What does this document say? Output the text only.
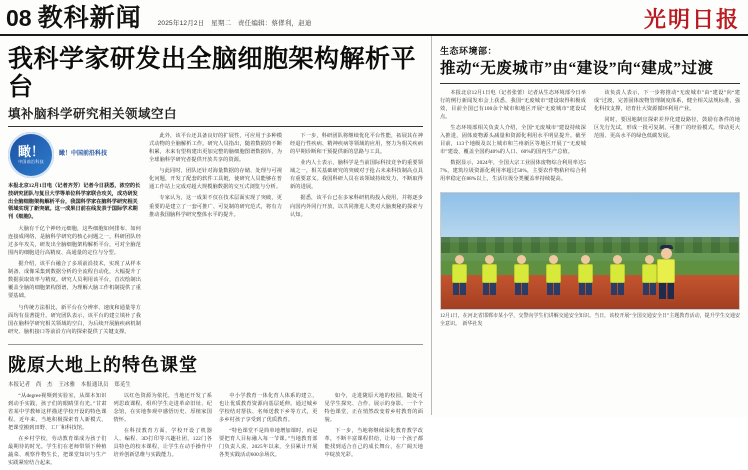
08 教科新闻 2025年12月2日　星期二　责任编辑：蔡侾利，赵迪	光明日报
我科学家研发出全脑细胞架构解析平台
填补脑科学研究相关领域空白
瞰！
中国前沿科技
瞰！中国前沿科技
本报北京12月1日电（记者齐芳）记者今日获悉，浓空的长技研究团队与复旦大学等单位科学家联合攻关，成功研发出全脑细胞架构解析平台，我国科学家在脑科学研究相关领域实现了新突破。这一成果日前在线发表于国际学术期刊《细胞》。

大脑有千亿个神经元细胞，这些细胞如何排布、如何连接成网络，是脑科学研究的核心问题之一。科研团队经过多年攻关，研发出全脑细胞架构解析平台，可对全脑范围内的细胞进行高精度、高通量的定位与分型。

据介绍，该平台融合了多项前沿技术，实现了从样本制备、成像采集到数据分析的全流程自动化，大幅提升了数据获取效率与精度。研究人员利用该平台，首次绘制出覆盖全脑的细胞架构图谱，为理解大脑工作机制提供了重要基础。

与传统方法相比，新平台在分辨率、速度和通量等方面均有显著提升。研究团队表示，该平台的建立填补了我国在脑科学研究相关领域的空白，为后续开展脑疾病机制研究、脑机接口等前沿方向的探索提供了关键支撑。

此外，该平台还具备良好的扩展性，可应用于多种模式动物的全脑解析工作。研究人员指出，随着数据的不断积累，未来有望构建出更加完整的脑细胞图谱数据库，为全球脑科学研究者提供开放共享的资源。

与此同时，团队还针对海量数据的存储、处理与可视化问题，开发了配套的软件工具链，使研究人员能够在普通工作站上完成对超大规模脑数据的交互式浏览与分析。

专家认为，这一成果不仅在技术层面实现了突破，更重要的是建立了一套可推广、可复制的研究范式，将有力推动我国脑科学研究整体水平的提升。

下一步，科研团队将继续优化平台性能，拓展其在神经退行性疾病、精神疾病等领域的应用，努力为相关疾病的早期诊断和干预提供新的思路与工具。

业内人士表示，脑科学是当前国际科技竞争的重要领域之一，相关基础研究的突破对于抢占未来科技制高点具有重要意义。我国科研人员在该领域持续发力，不断取得新的进展。

据悉，该平台已在多家科研机构投入使用，并将逐步向国内外同行开放，以共同推进人类对大脑奥秘的探索与认知。

陇原大地上的特色课堂
本报记者　尚　杰　王冰雅　本报通讯员　郑觅生

“从degree视频到实验室，从课本知识到动手实践，孩子们的眼睛里有光。”甘肃省某中学教师这样描述学校开设的特色课程。近年来，当地积极探索育人新模式，把课堂搬到田野、工厂和科技馆。

在乡村学校，劳动教育课成为孩子们最期待的时光。学生们在老师带领下种植蔬菜、观察作物生长，把课堂知识与生产实践紧密结合起来。

以红色资源为依托，当地还开发了系列思政课程，组织学生走进革命旧址、纪念馆，在实地参观中感悟历史、厚植家国情怀。

在科技教育方面，学校开设了机器人、编程、3D打印等兴趣社团，122门各具特色的校本课程，让学生在动手操作中培养创新思维与实践能力。

中小学教育一体化育人体系的建立，也让优质教育资源向基层延伸。通过城乡学校结对帮扶、名师送教下乡等方式，更多乡村孩子享受到了优质教育。

“特色课堂不是简单地增加课时，而是要把育人目标融入每一节课。”当地教育部门负责人说，2025年以来，全县累计开展各类实践活动600余场次。

如今，走进陇原大地的校园，随处可见学生探究、合作、展示的身影。一个个特色课堂，正在悄然改变着乡村教育的面貌。

下一步，当地将继续深化教育教学改革，不断丰富课程供给，让每一个孩子都能找到适合自己的成长舞台，在广阔天地中绽放光彩。

生态环境部：
推动“无废城市”由“建设”向“建成”过渡

本报北京12月1日电（记者张蕾）记者从生态环境部今日举行的例行新闻发布会上获悉，我国“无废城市”建设取得积极成效，目前全国已有100余个城市和地区开展“无废城市”建设试点。

生态环境部相关负责人介绍，全国“无废城市”建设持续深入推进，固体废物源头减量和资源化利用水平明显提升。截至目前，113个地级及以上城市和兰州新区等地区开展了“无废城市”建设，覆盖全国约40%的人口、60%的国内生产总值。

数据显示，2024年，全国大宗工业固体废物综合利用率达57%，建筑垃圾资源化利用率超过50%，主要农作物秸秆综合利用率稳定在88%以上，生活垃圾分类覆盖率持续提高。

该负责人表示，下一步将推动“无废城市”由“建设”向“建成”过渡，完善固体废物管理制度体系，健全相关法规标准，强化科技支撑，培育壮大资源循环利用产业。

同时，要因地制宜探索差异化建设路径，鼓励有条件的地区先行先试，形成一批可复制、可推广的经验模式，带动更大范围、更高水平的绿色低碳发展。

12月1日，在河北省邯郸市某小学，交警向学生们讲解交通安全知识。当日，该校开展“全国交通安全日”主题教育活动，提升学生交通安全意识。　新华社发
